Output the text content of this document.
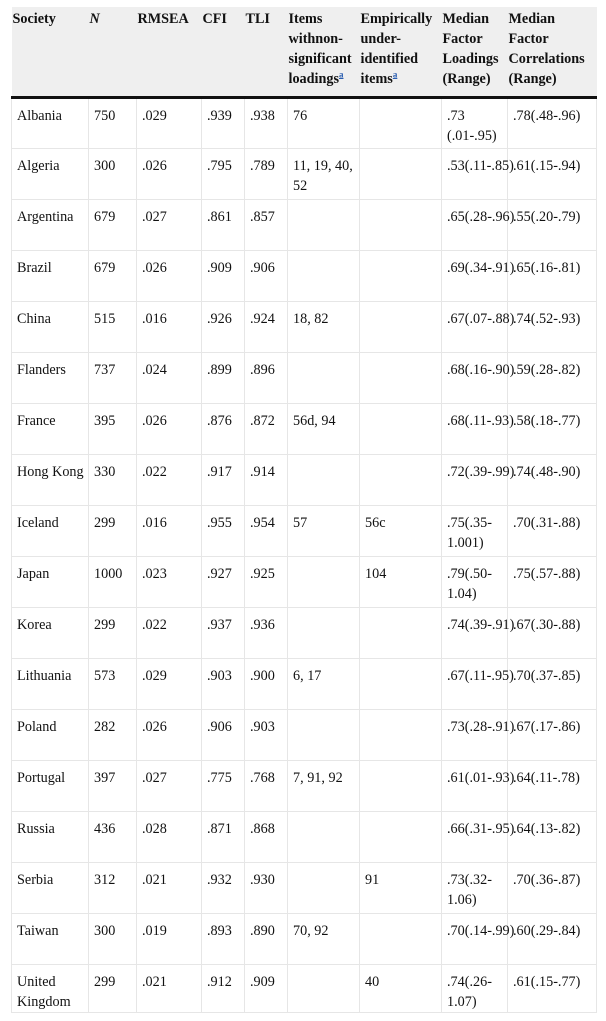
Society	N	RMSEA	CFI	TLI	Items withnon-significant loadings$^a$	Empirically under-identified items$^a$	Median Factor Loadings (Range)	Median Factor Correlations (Range)
Albania	750	.029	.939	.938	76		.73 (.01-.95)	.78(.48-.96)
Algeria	300	.026	.795	.789	11, 19, 40, 52		.53(.11-.85)	.61(.15-.94)
Argentina	679	.027	.861	.857			.65(.28-.96)	.55(.20-.79)
Brazil	679	.026	.909	.906			.69(.34-.91)	.65(.16-.81)
China	515	.016	.926	.924	18, 82		.67(.07-.88)	.74(.52-.93)
Flanders	737	.024	.899	.896			.68(.16-.90)	.59(.28-.82)
France	395	.026	.876	.872	56d, 94		.68(.11-.93)	.58(.18-.77)
Hong Kong	330	.022	.917	.914			.72(.39-.99)	.74(.48-.90)
Iceland	299	.016	.955	.954	57	56c	.75(.35-1.001)	.70(.31-.88)
Japan	1000	.023	.927	.925		104	.79(.50-1.04)	.75(.57-.88)
Korea	299	.022	.937	.936			.74(.39-.91)	.67(.30-.88)
Lithuania	573	.029	.903	.900	6, 17		.67(.11-.95)	.70(.37-.85)
Poland	282	.026	.906	.903			.73(.28-.91)	.67(.17-.86)
Portugal	397	.027	.775	.768	7, 91, 92		.61(.01-.93)	.64(.11-.78)
Russia	436	.028	.871	.868			.66(.31-.95)	.64(.13-.82)
Serbia	312	.021	.932	.930		91	.73(.32-1.06)	.70(.36-.87)
Taiwan	300	.019	.893	.890	70, 92		.70(.14-.99)	.60(.29-.84)
United Kingdom	299	.021	.912	.909		40	.74(.26-1.07)	.61(.15-.77)
